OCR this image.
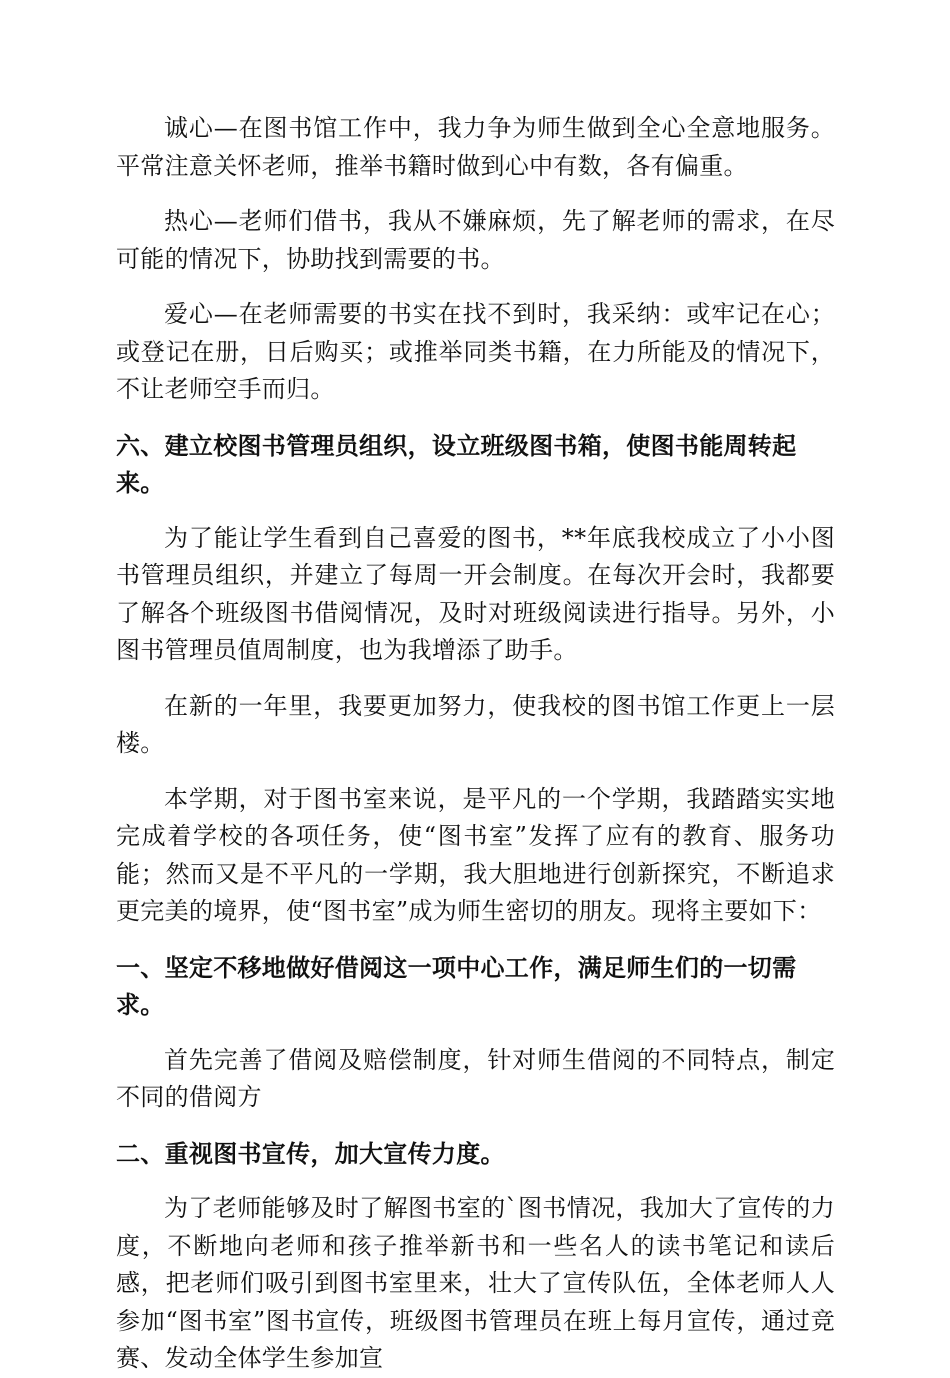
诚心—在图书馆工作中，我力争为师生做到全心全意地服务。平常注意关怀老师，推举书籍时做到心中有数，各有偏重。

热心—老师们借书，我从不嫌麻烦，先了解老师的需求，在尽可能的情况下，协助找到需要的书。

爱心—在老师需要的书实在找不到时，我采纳：或牢记在心；或登记在册，日后购买；或推举同类书籍，在力所能及的情况下，不让老师空手而归。

六、建立校图书管理员组织，设立班级图书箱，使图书能周转起来。

为了能让学生看到自己喜爱的图书，**年底我校成立了小小图书管理员组织，并建立了每周一开会制度。在每次开会时，我都要了解各个班级图书借阅情况，及时对班级阅读进行指导。另外，小图书管理员值周制度，也为我增添了助手。

在新的一年里，我要更加努力，使我校的图书馆工作更上一层楼。

本学期，对于图书室来说，是平凡的一个学期，我踏踏实实地完成着学校的各项任务，使“图书室”发挥了应有的教育、服务功能；然而又是不平凡的一学期，我大胆地进行创新探究，不断追求更完美的境界，使“图书室”成为师生密切的朋友。现将主要如下：

一、坚定不移地做好借阅这一项中心工作，满足师生们的一切需求。

首先完善了借阅及赔偿制度，针对师生借阅的不同特点，制定不同的借阅方

二、重视图书宣传，加大宣传力度。

为了老师能够及时了解图书室的`图书情况，我加大了宣传的力度，不断地向老师和孩子推举新书和一些名人的读书笔记和读后感，把老师们吸引到图书室里来，壮大了宣传队伍，全体老师人人参加“图书室”图书宣传，班级图书管理员在班上每月宣传，通过竞赛、发动全体学生参加宣
